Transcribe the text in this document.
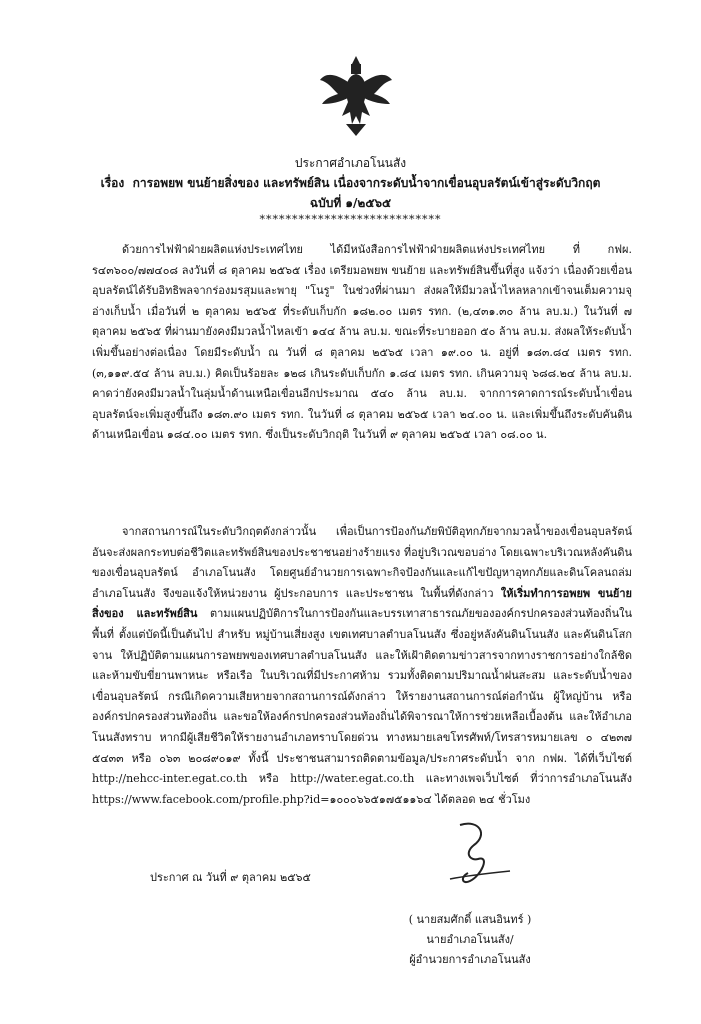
ประกาศอำเภอโนนสัง
เรื่อง การอพยพ ขนย้ายสิ่งของ และทรัพย์สิน เนื่องจากระดับน้ำจากเขื่อนอุบลรัตน์เข้าสู่ระดับวิกฤต
ฉบับที่ ๑/๒๕๖๕
****************************
ด้วยการไฟฟ้าฝ่ายผลิตแห่งประเทศไทย ได้มีหนังสือการไฟฟ้าฝ่ายผลิตแห่งประเทศไทย ที่ กฟผ. ร๔๓๖๐๐/๗๗๔๐๘ ลงวันที่ ๘ ตุลาคม ๒๕๖๕ เรื่อง เตรียมอพยพ ขนย้าย และทรัพย์สินขึ้นที่สูง แจ้งว่า เนื่องด้วยเขื่อนอุบลรัตน์ได้รับอิทธิพลจากร่องมรสุมและพายุ "โนรู" ในช่วงที่ผ่านมา ส่งผลให้มีมวลน้ำไหลหลากเข้าจนเต็มความจุอ่างเก็บน้ำ เมื่อวันที่ ๒ ตุลาคม ๒๕๖๕ ที่ระดับเก็บกัก ๑๘๒.๐๐ เมตร รทก. (๒,๔๓๑.๓๐ ล้าน ลบ.ม.) ในวันที่ ๗ ตุลาคม ๒๕๖๕ ที่ผ่านมายังคงมีมวลน้ำไหลเข้า ๑๔๔ ล้าน ลบ.ม. ขณะที่ระบายออก ๕๐ ล้าน ลบ.ม. ส่งผลให้ระดับน้ำเพิ่มขึ้นอย่างต่อเนื่อง โดยมีระดับน้ำ ณ วันที่ ๘ ตุลาคม ๒๕๖๕ เวลา ๑๙.๐๐ น. อยู่ที่ ๑๘๓.๘๔ เมตร รทก. (๓,๑๑๙.๕๔ ล้าน ลบ.ม.) คิดเป็นร้อยละ ๑๒๘ เกินระดับเก็บกัก ๑.๘๔ เมตร รทก. เกินความจุ ๖๘๘.๒๔ ล้าน ลบ.ม. คาดว่ายังคงมีมวลน้ำในลุ่มน้ำด้านเหนือเขื่อนอีกประมาณ ๕๔๐ ล้าน ลบ.ม. จากการคาดการณ์ระดับน้ำเขื่อนอุบลรัตน์จะเพิ่มสูงขึ้นถึง ๑๘๓.๙๐ เมตร รทก. ในวันที่ ๘ ตุลาคม ๒๕๖๕ เวลา ๒๔.๐๐ น. และเพิ่มขึ้นถึงระดับคันดินด้านเหนือเขื่อน ๑๘๔.๐๐ เมตร รทก. ซึ่งเป็นระดับวิกฤติ ในวันที่ ๙ ตุลาคม ๒๕๖๕ เวลา ๐๘.๐๐ น.
จากสถานการณ์ในระดับวิกฤตดังกล่าวนั้น เพื่อเป็นการป้องกันภัยพิบัติอุทกภัยจากมวลน้ำของเขื่อนอุบลรัตน์ อันจะส่งผลกระทบต่อชีวิตและทรัพย์สินของประชาชนอย่างร้ายแรง ที่อยู่บริเวณขอบอ่าง โดยเฉพาะบริเวณหลังคันดินของเขื่อนอุบลรัตน์ อำเภอโนนสัง โดยศูนย์อำนวยการเฉพาะกิจป้องกันและแก้ไขปัญหาอุทกภัยและดินโคลนถล่มอำเภอโนนสัง จึงขอแจ้งให้หน่วยงาน ผู้ประกอบการ และประชาชน ในพื้นที่ดังกล่าว ให้เริ่มทำการอพยพ ขนย้ายสิ่งของ และทรัพย์สิน ตามแผนปฏิบัติการในการป้องกันและบรรเทาสาธารณภัยขององค์กรปกครองส่วนท้องถิ่นในพื้นที่ ตั้งแต่บัดนี้เป็นต้นไป สำหรับ หมู่บ้านเสี่ยงสูง เขตเทศบาลตำบลโนนสัง ซึ่งอยู่หลังคันดินโนนสัง และคันดินโสกจาน ให้ปฏิบัติตามแผนการอพยพของเทศบาลตำบลโนนสัง และให้เฝ้าติดตามข่าวสารจากทางราชการอย่างใกล้ชิด และห้ามขับขี่ยานพาหนะ หรือเรือ ในบริเวณที่มีประกาศห้าม รวมทั้งติดตามปริมาณน้ำฝนสะสม และระดับน้ำของเขื่อนอุบลรัตน์ กรณีเกิดความเสียหายจากสถานการณ์ดังกล่าว ให้รายงานสถานการณ์ต่อกำนัน ผู้ใหญ่บ้าน หรือองค์กรปกครองส่วนท้องถิ่น และขอให้องค์กรปกครองส่วนท้องถิ่นได้พิจารณาให้การช่วยเหลือเบื้องต้น และให้อำเภอโนนสังทราบ หากมีผู้เสียชีวิตให้รายงานอำเภอทราบโดยด่วน ทางหมายเลขโทรศัพท์/โทรสารหมายเลข ๐ ๔๒๓๗ ๕๔๓๓ หรือ ๐๖๓ ๒๐๘๙๐๑๙ ทั้งนี้ ประชาชนสามารถติดตามข้อมูล/ประกาศระดับน้ำ จาก กฟผ. ได้ที่เว็บไซต์ http://nehcc-inter.egat.co.th หรือ http://water.egat.co.th และทางเพจเว็บไซต์ ที่ว่าการอำเภอโนนสัง https://www.facebook.com/profile.php?id=๑๐๐๐๖๖๕๑๗๕๑๑๖๔ ได้ตลอด ๒๔ ชั่วโมง
ประกาศ ณ วันที่ ๙ ตุลาคม ๒๕๖๕
( นายสมศักดิ์ แสนอินทร์ )
นายอำเภอโนนสัง/
ผู้อำนวยการอำเภอโนนสัง
